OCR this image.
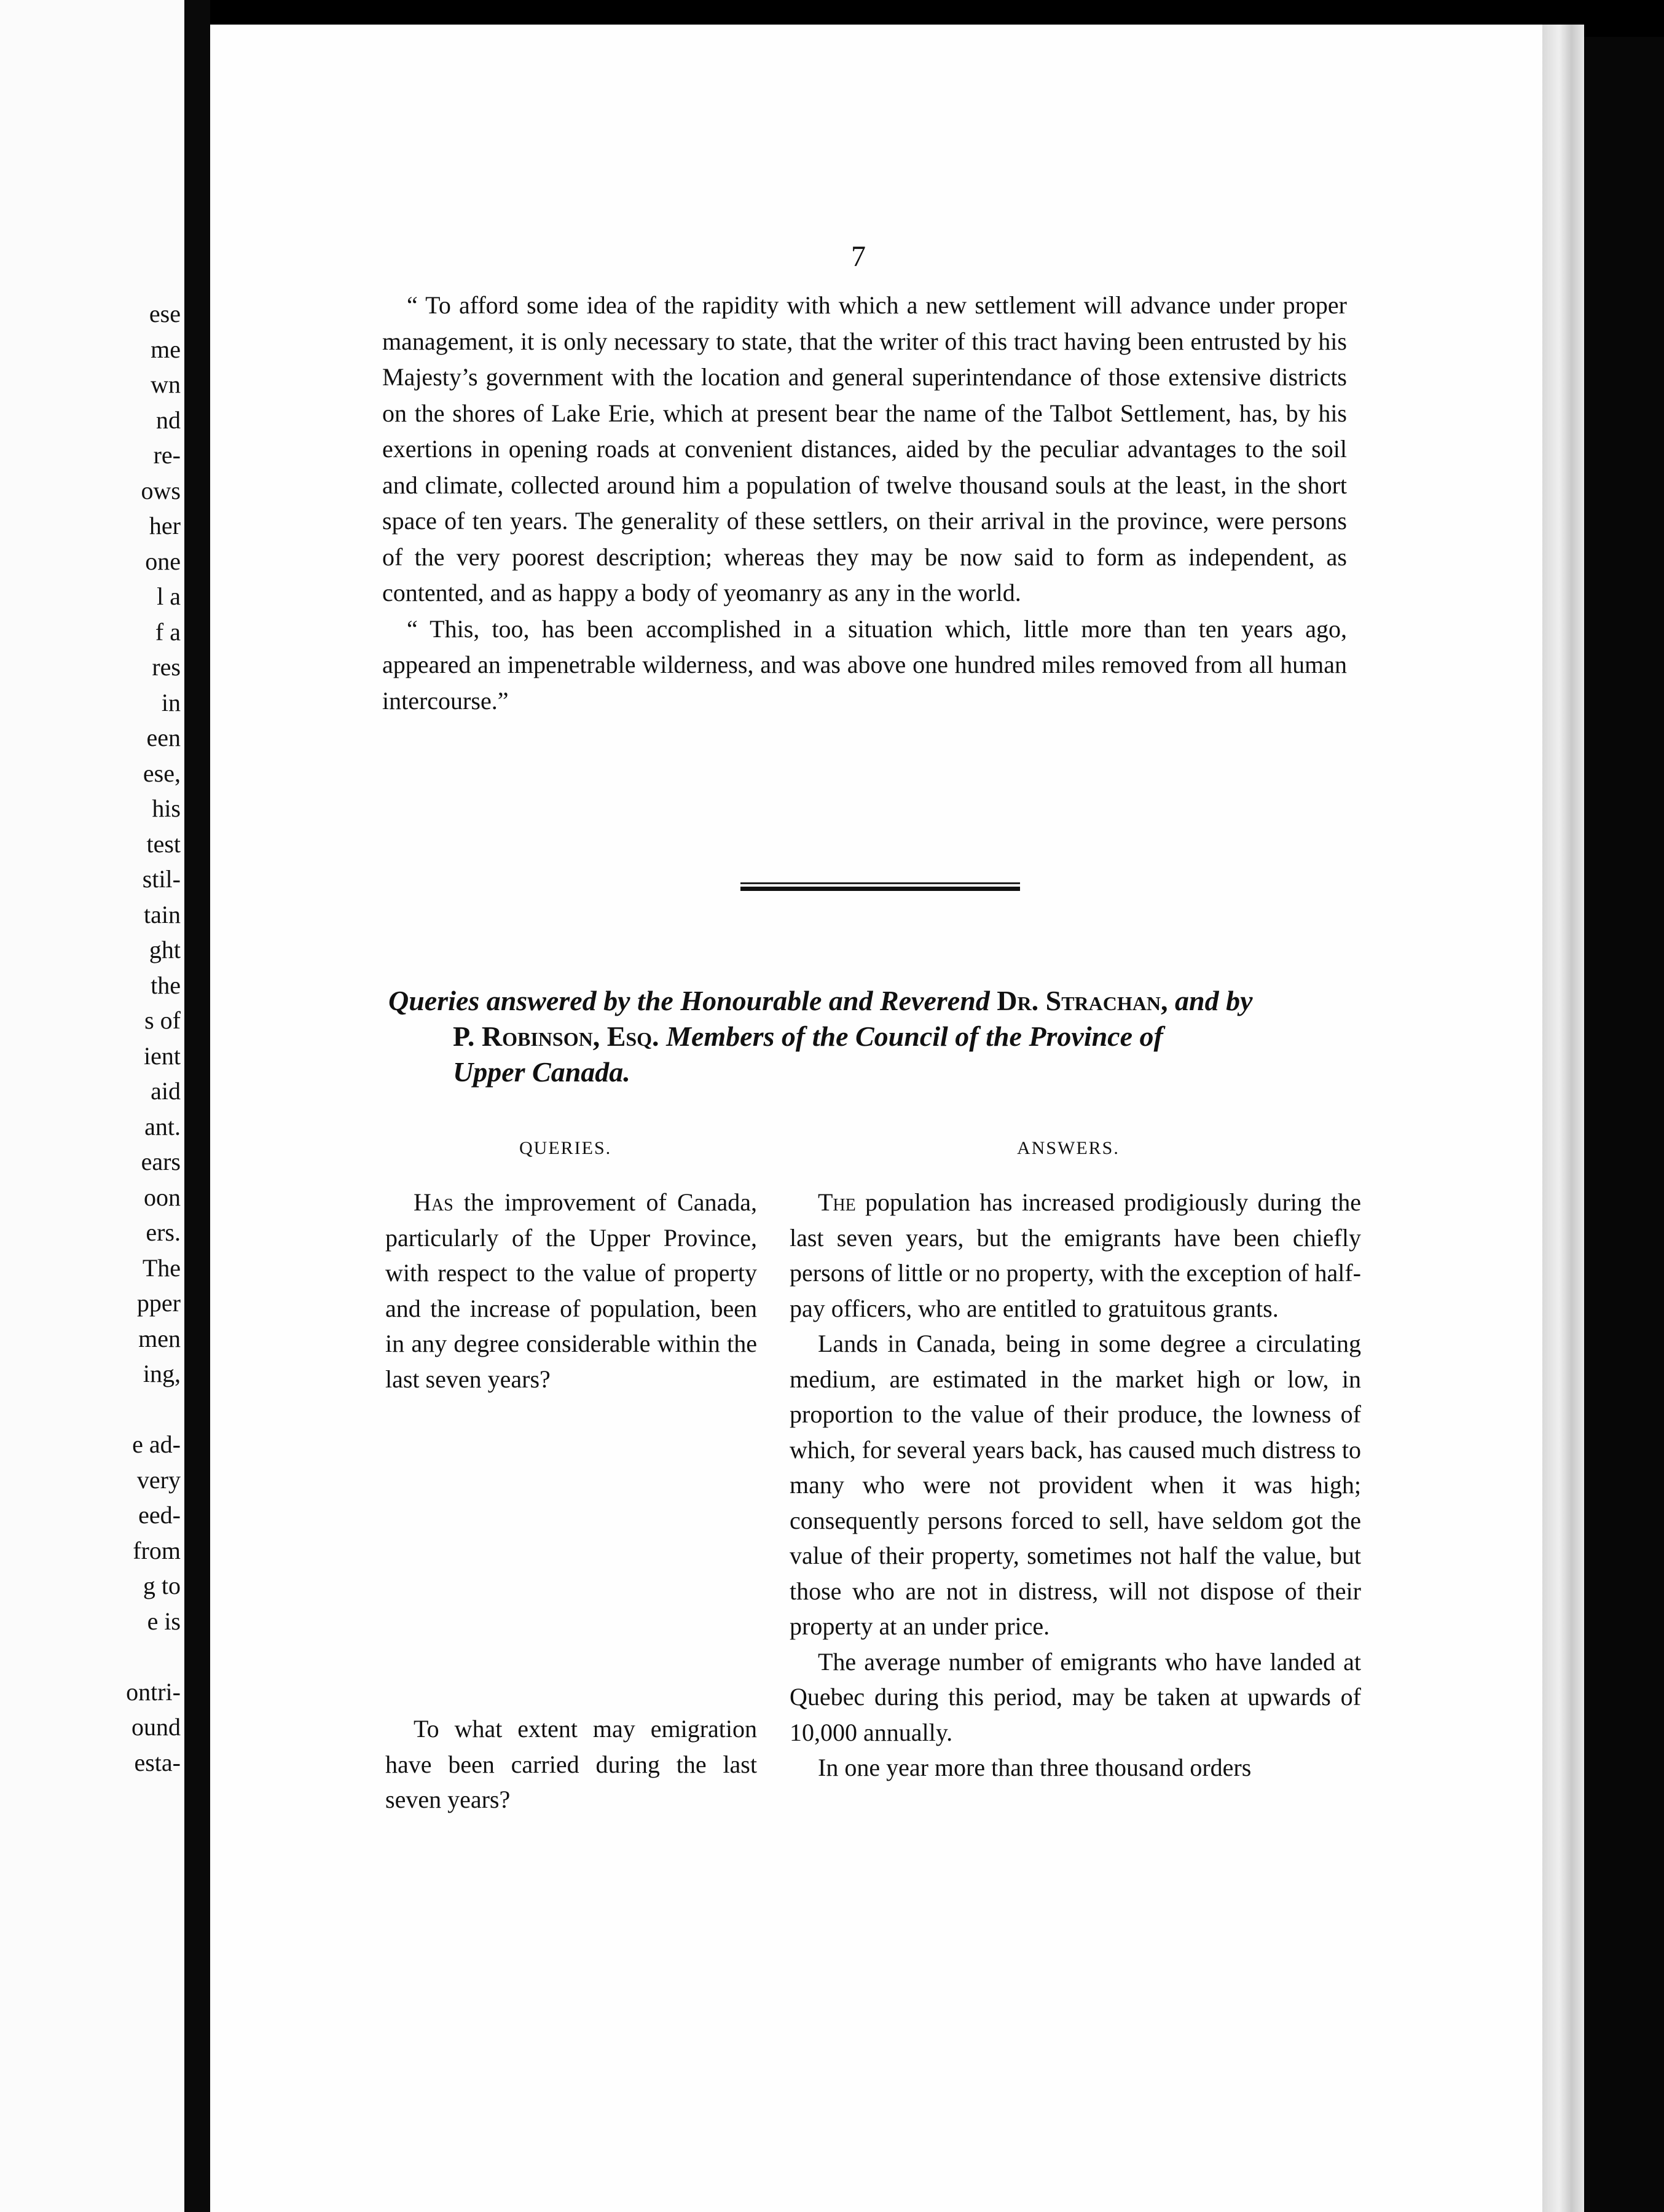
ese
me
wn
nd
re-
ows
her
one
l a
f a
res
in
een
ese,
his
test
stil-
tain
ght
the
s of
ient
aid
ant.
ears
oon
ers.
The
pper
men
ing,
e ad-
very
eed-
from
g to
e is
ontri-
ound
esta-
7

“ To afford some idea of the rapidity with which a new settlement will advance under proper management, it is only necessary to state, that the writer of this tract having been entrusted by his Majesty’s government with the location and general superintendance of those extensive districts on the shores of Lake Erie, which at present bear the name of the Talbot Settlement, has, by his exertions in opening roads at convenient distances, aided by the peculiar advantages to the soil and climate, collected around him a population of twelve thousand souls at the least, in the short space of ten years. The generality of these settlers, on their arrival in the province, were persons of the very poorest description; whereas they may be now said to form as independent, as contented, and as happy a body of yeomanry as any in the world.

“ This, too, has been accomplished in a situation which, little more than ten years ago, appeared an impenetrable wilderness, and was above one hundred miles removed from all human intercourse.”

Queries answered by the Honourable and Reverend Dr. Strachan, and by
P. Robinson, Esq. Members of the Council of the Province of
Upper Canada.
QUERIES.	ANSWERS.

Has the improvement of Canada, particularly of the Upper Province, with respect to the value of property and the increase of population, been in any degree considerable within the last seven years?

To what extent may emigration have been carried during the last seven years?

The population has increased prodigiously during the last seven years, but the emigrants have been chiefly persons of little or no property, with the exception of half-pay officers, who are entitled to gratuitous grants.

Lands in Canada, being in some degree a circulating medium, are estimated in the market high or low, in proportion to the value of their produce, the lowness of which, for several years back, has caused much distress to many who were not provident when it was high; consequently persons forced to sell, have seldom got the value of their property, sometimes not half the value, but those who are not in distress, will not dispose of their property at an under price.

The average number of emigrants who have landed at Quebec during this period, may be taken at upwards of 10,000 annually.

In one year more than three thousand orders
